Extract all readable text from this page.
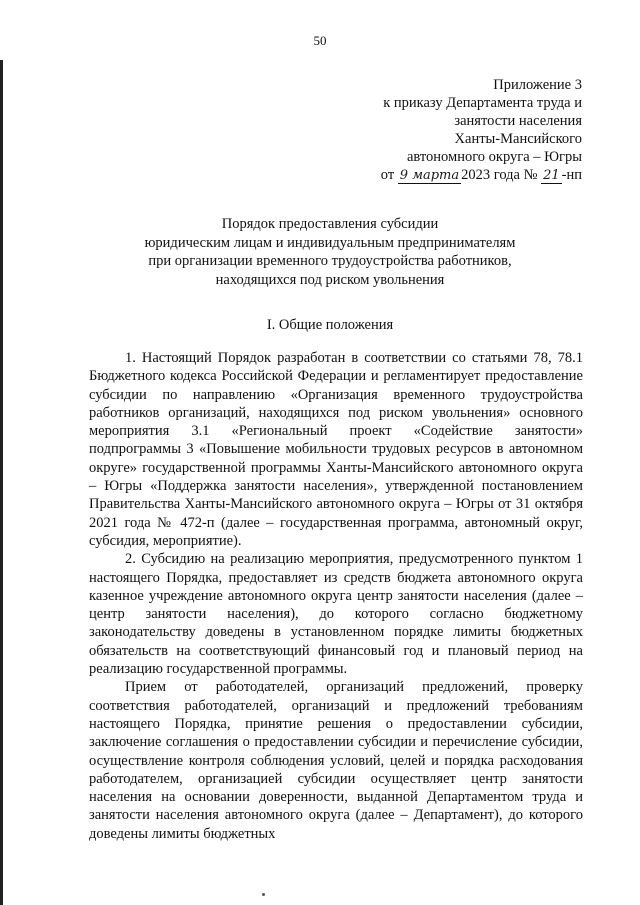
50
Приложение 3
к приказу Департамента труда и
занятости населения
Ханты-Мансийского
автономного округа – Югры
от 9 марта 2023 года № 21 -нп
Порядок предоставления субсидии
юридическим лицам и индивидуальным предпринимателям
при организации временного трудоустройства работников,
находящихся под риском увольнения
I. Общие положения

1. Настоящий Порядок разработан в соответствии со статьями 78, 78.1 Бюджетного кодекса Российской Федерации и регламентирует предоставление субсидии по направлению «Организация временного трудоустройства работников организаций, находящихся под риском увольнения» основного мероприятия 3.1 «Региональный проект «Содействие занятости» подпрограммы 3 «Повышение мобильности трудовых ресурсов в автономном округе» государственной программы Ханты-Мансийского автономного округа – Югры «Поддержка занятости населения», утвержденной постановлением Правительства Ханты-Мансийского автономного округа – Югры от 31 октября 2021 года № 472-п (далее – государственная программа, автономный округ, субсидия, мероприятие).

2. Субсидию на реализацию мероприятия, предусмотренного пунктом 1 настоящего Порядка, предоставляет из средств бюджета автономного округа казенное учреждение автономного округа центр занятости населения (далее – центр занятости населения), до которого согласно бюджетному законодательству доведены в установленном порядке лимиты бюджетных обязательств на соответствующий финансовый год и плановый период на реализацию государственной программы.

Прием от работодателей, организаций предложений, проверку соответствия работодателей, организаций и предложений требованиям настоящего Порядка, принятие решения о предоставлении субсидии, заключение соглашения о предоставлении субсидии и перечисление субсидии, осуществление контроля соблюдения условий, целей и порядка расходования работодателем, организацией субсидии осуществляет центр занятости населения на основании доверенности, выданной Департаментом труда и занятости населения автономного округа (далее – Департамент), до которого доведены лимиты бюджетных
